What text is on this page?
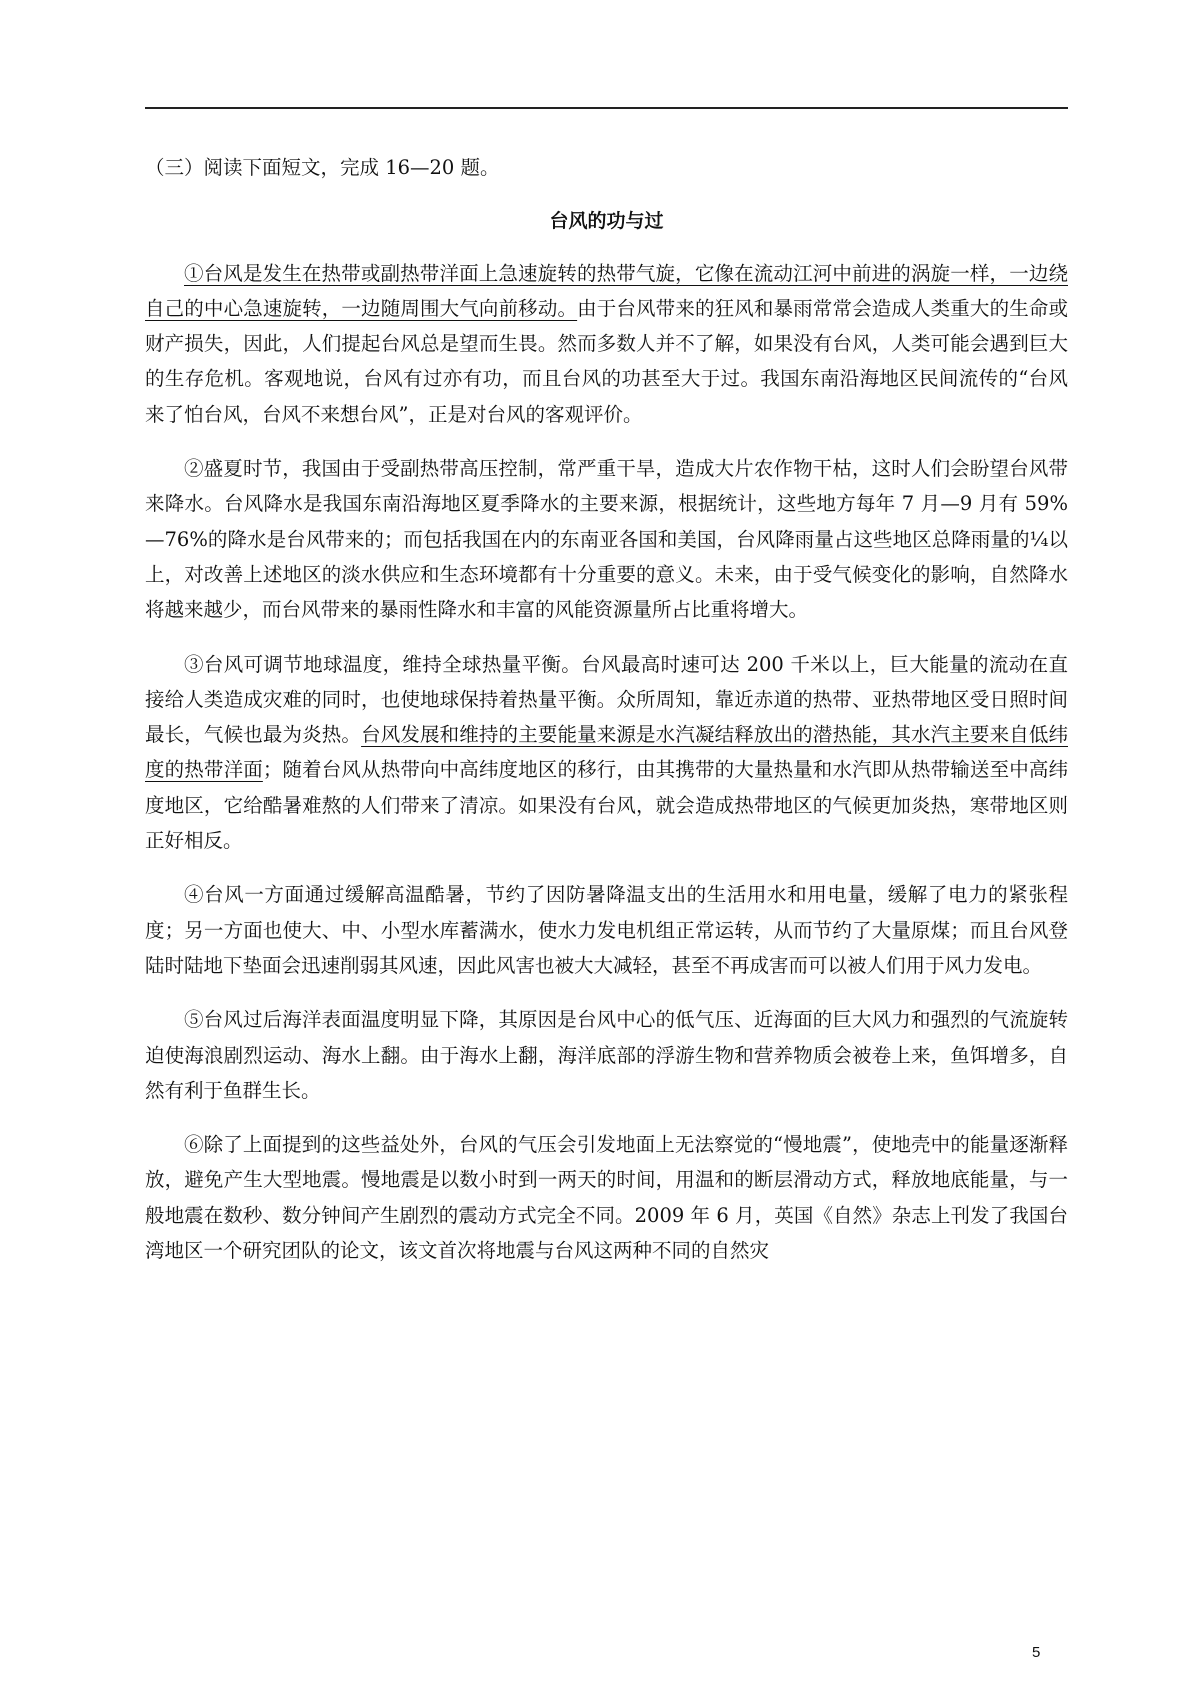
（三）阅读下面短文，完成 16—20 题。
台风的功与过

①台风是发生在热带或副热带洋面上急速旋转的热带气旋，它像在流动江河中前进的涡旋一样，一边绕自己的中心急速旋转，一边随周围大气向前移动。由于台风带来的狂风和暴雨常常会造成人类重大的生命或财产损失，因此，人们提起台风总是望而生畏。然而多数人并不了解，如果没有台风，人类可能会遇到巨大的生存危机。客观地说，台风有过亦有功，而且台风的功甚至大于过。我国东南沿海地区民间流传的“台风来了怕台风，台风不来想台风”，正是对台风的客观评价。

②盛夏时节，我国由于受副热带高压控制，常严重干旱，造成大片农作物干枯，这时人们会盼望台风带来降水。台风降水是我国东南沿海地区夏季降水的主要来源，根据统计，这些地方每年 7 月—9 月有 59%—76%的降水是台风带来的；而包括我国在内的东南亚各国和美国，台风降雨量占这些地区总降雨量的¼以上，对改善上述地区的淡水供应和生态环境都有十分重要的意义。未来，由于受气候变化的影响，自然降水将越来越少，而台风带来的暴雨性降水和丰富的风能资源量所占比重将增大。

③台风可调节地球温度，维持全球热量平衡。台风最高时速可达 200 千米以上，巨大能量的流动在直接给人类造成灾难的同时，也使地球保持着热量平衡。众所周知，靠近赤道的热带、亚热带地区受日照时间最长，气候也最为炎热。台风发展和维持的主要能量来源是水汽凝结释放出的潜热能，其水汽主要来自低纬度的热带洋面；随着台风从热带向中高纬度地区的移行，由其携带的大量热量和水汽即从热带输送至中高纬度地区，它给酷暑难熬的人们带来了清凉。如果没有台风，就会造成热带地区的气候更加炎热，寒带地区则正好相反。

④台风一方面通过缓解高温酷暑，节约了因防暑降温支出的生活用水和用电量，缓解了电力的紧张程度；另一方面也使大、中、小型水库蓄满水，使水力发电机组正常运转，从而节约了大量原煤；而且台风登陆时陆地下垫面会迅速削弱其风速，因此风害也被大大减轻，甚至不再成害而可以被人们用于风力发电。

⑤台风过后海洋表面温度明显下降，其原因是台风中心的低气压、近海面的巨大风力和强烈的气流旋转迫使海浪剧烈运动、海水上翻。由于海水上翻，海洋底部的浮游生物和营养物质会被卷上来，鱼饵增多，自然有利于鱼群生长。

⑥除了上面提到的这些益处外，台风的气压会引发地面上无法察觉的“慢地震”，使地壳中的能量逐渐释放，避免产生大型地震。慢地震是以数小时到一两天的时间，用温和的断层滑动方式，释放地底能量，与一般地震在数秒、数分钟间产生剧烈的震动方式完全不同。2009 年 6 月，英国《自然》杂志上刊发了我国台湾地区一个研究团队的论文，该文首次将地震与台风这两种不同的自然灾

5
